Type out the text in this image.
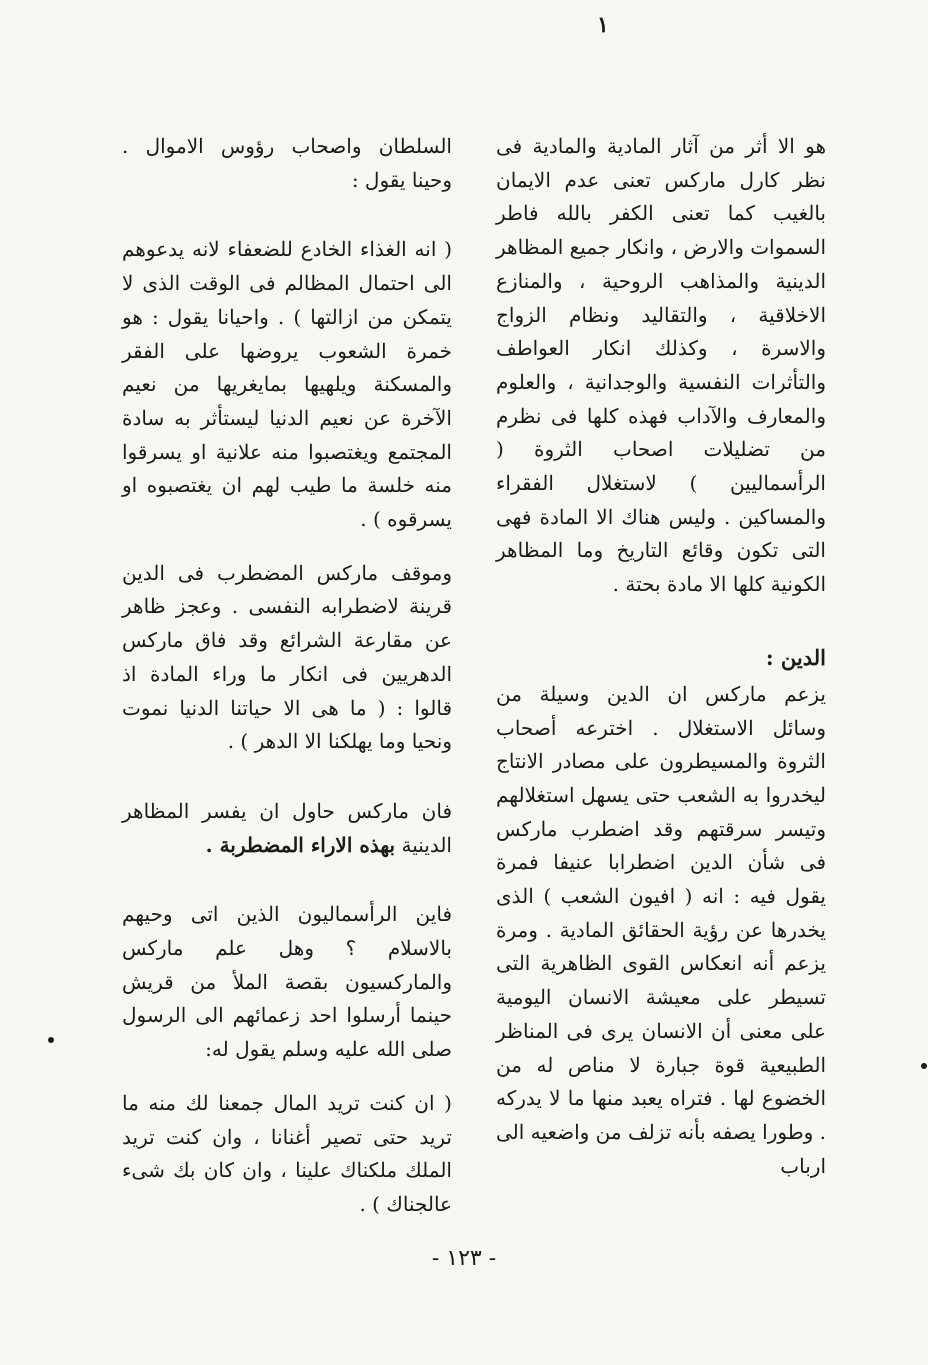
١

هو الا أثر من آثار المادية والمادية فى نظر كارل ماركس تعنى عدم الايمان بالغيب كما تعنى الكفر بالله فاطر السموات والارض ، وانكار جميع المظاهر الدينية والمذاهب الروحية ، والمنازع الاخلاقية ، والتقاليد ونظام الزواج والاسرة ، وكذلك انكار العواطف والتأثرات النفسية والوجدانية ، والعلوم والمعارف والآداب فهذه كلها فى نظرم من تضليلات اصحاب الثروة ( الرأسماليين ) لاستغلال الفقراء والمساكين . وليس هناك الا المادة فهى التى تكون وقائع التاريخ وما المظاهر الكونية كلها الا مادة بحتة .

الدين :

يزعم ماركس ان الدين وسيلة من وسائل الاستغلال . اخترعه أصحاب الثروة والمسيطرون على مصادر الانتاج ليخدروا به الشعب حتى يسهل استغلالهم وتيسر سرقتهم وقد اضطرب ماركس فى شأن الدين اضطرابا عنيفا فمرة يقول فيه : انه ( افيون الشعب ) الذى يخدرها عن رؤية الحقائق المادية . ومرة يزعم أنه انعكاس القوى الظاهرية التى تسيطر على معيشة الانسان اليومية على معنى أن الانسان يرى فى المناظر الطبيعية قوة جبارة لا مناص له من الخضوع لها . فتراه يعبد منها ما لا يدركه . وطورا يصفه بأنه تزلف من واضعيه الى ارباب

السلطان واصحاب رؤوس الاموال . وحينا يقول :

( انه الغذاء الخادع للضعفاء لانه يدعوهم الى احتمال المظالم فى الوقت الذى لا يتمكن من ازالتها ) . واحيانا يقول : هو خمرة الشعوب يروضها على الفقر والمسكنة ويلهيها بمايغريها من نعيم الآخرة عن نعيم الدنيا ليستأثر به سادة المجتمع ويغتصبوا منه علانية او يسرقوا منه خلسة ما طيب لهم ان يغتصبوه او يسرقوه ) .

وموقف ماركس المضطرب فى الدين قرينة لاضطرابه النفسى . وعجز ظاهر عن مقارعة الشرائع وقد فاق ماركس الدهريين فى انكار ما وراء المادة اذ قالوا : ( ما هى الا حياتنا الدنيا نموت ونحيا وما يهلكنا الا الدهر ) .

فان ماركس حاول ان يفسر المظاهر الدينية بهذه الاراء المضطربة .

فاين الرأسماليون الذين اتى وحيهم بالاسلام ؟ وهل علم ماركس والماركسيون بقصة الملأ من قريش حينما أرسلوا احد زعمائهم الى الرسول صلى الله عليه وسلم يقول له:

( ان كنت تريد المال جمعنا لك منه ما تريد حتى تصير أغنانا ، وان كنت تريد الملك ملكناك علينا ، وان كان بك شىء عالجناك ) .

- ١٢٣ -
